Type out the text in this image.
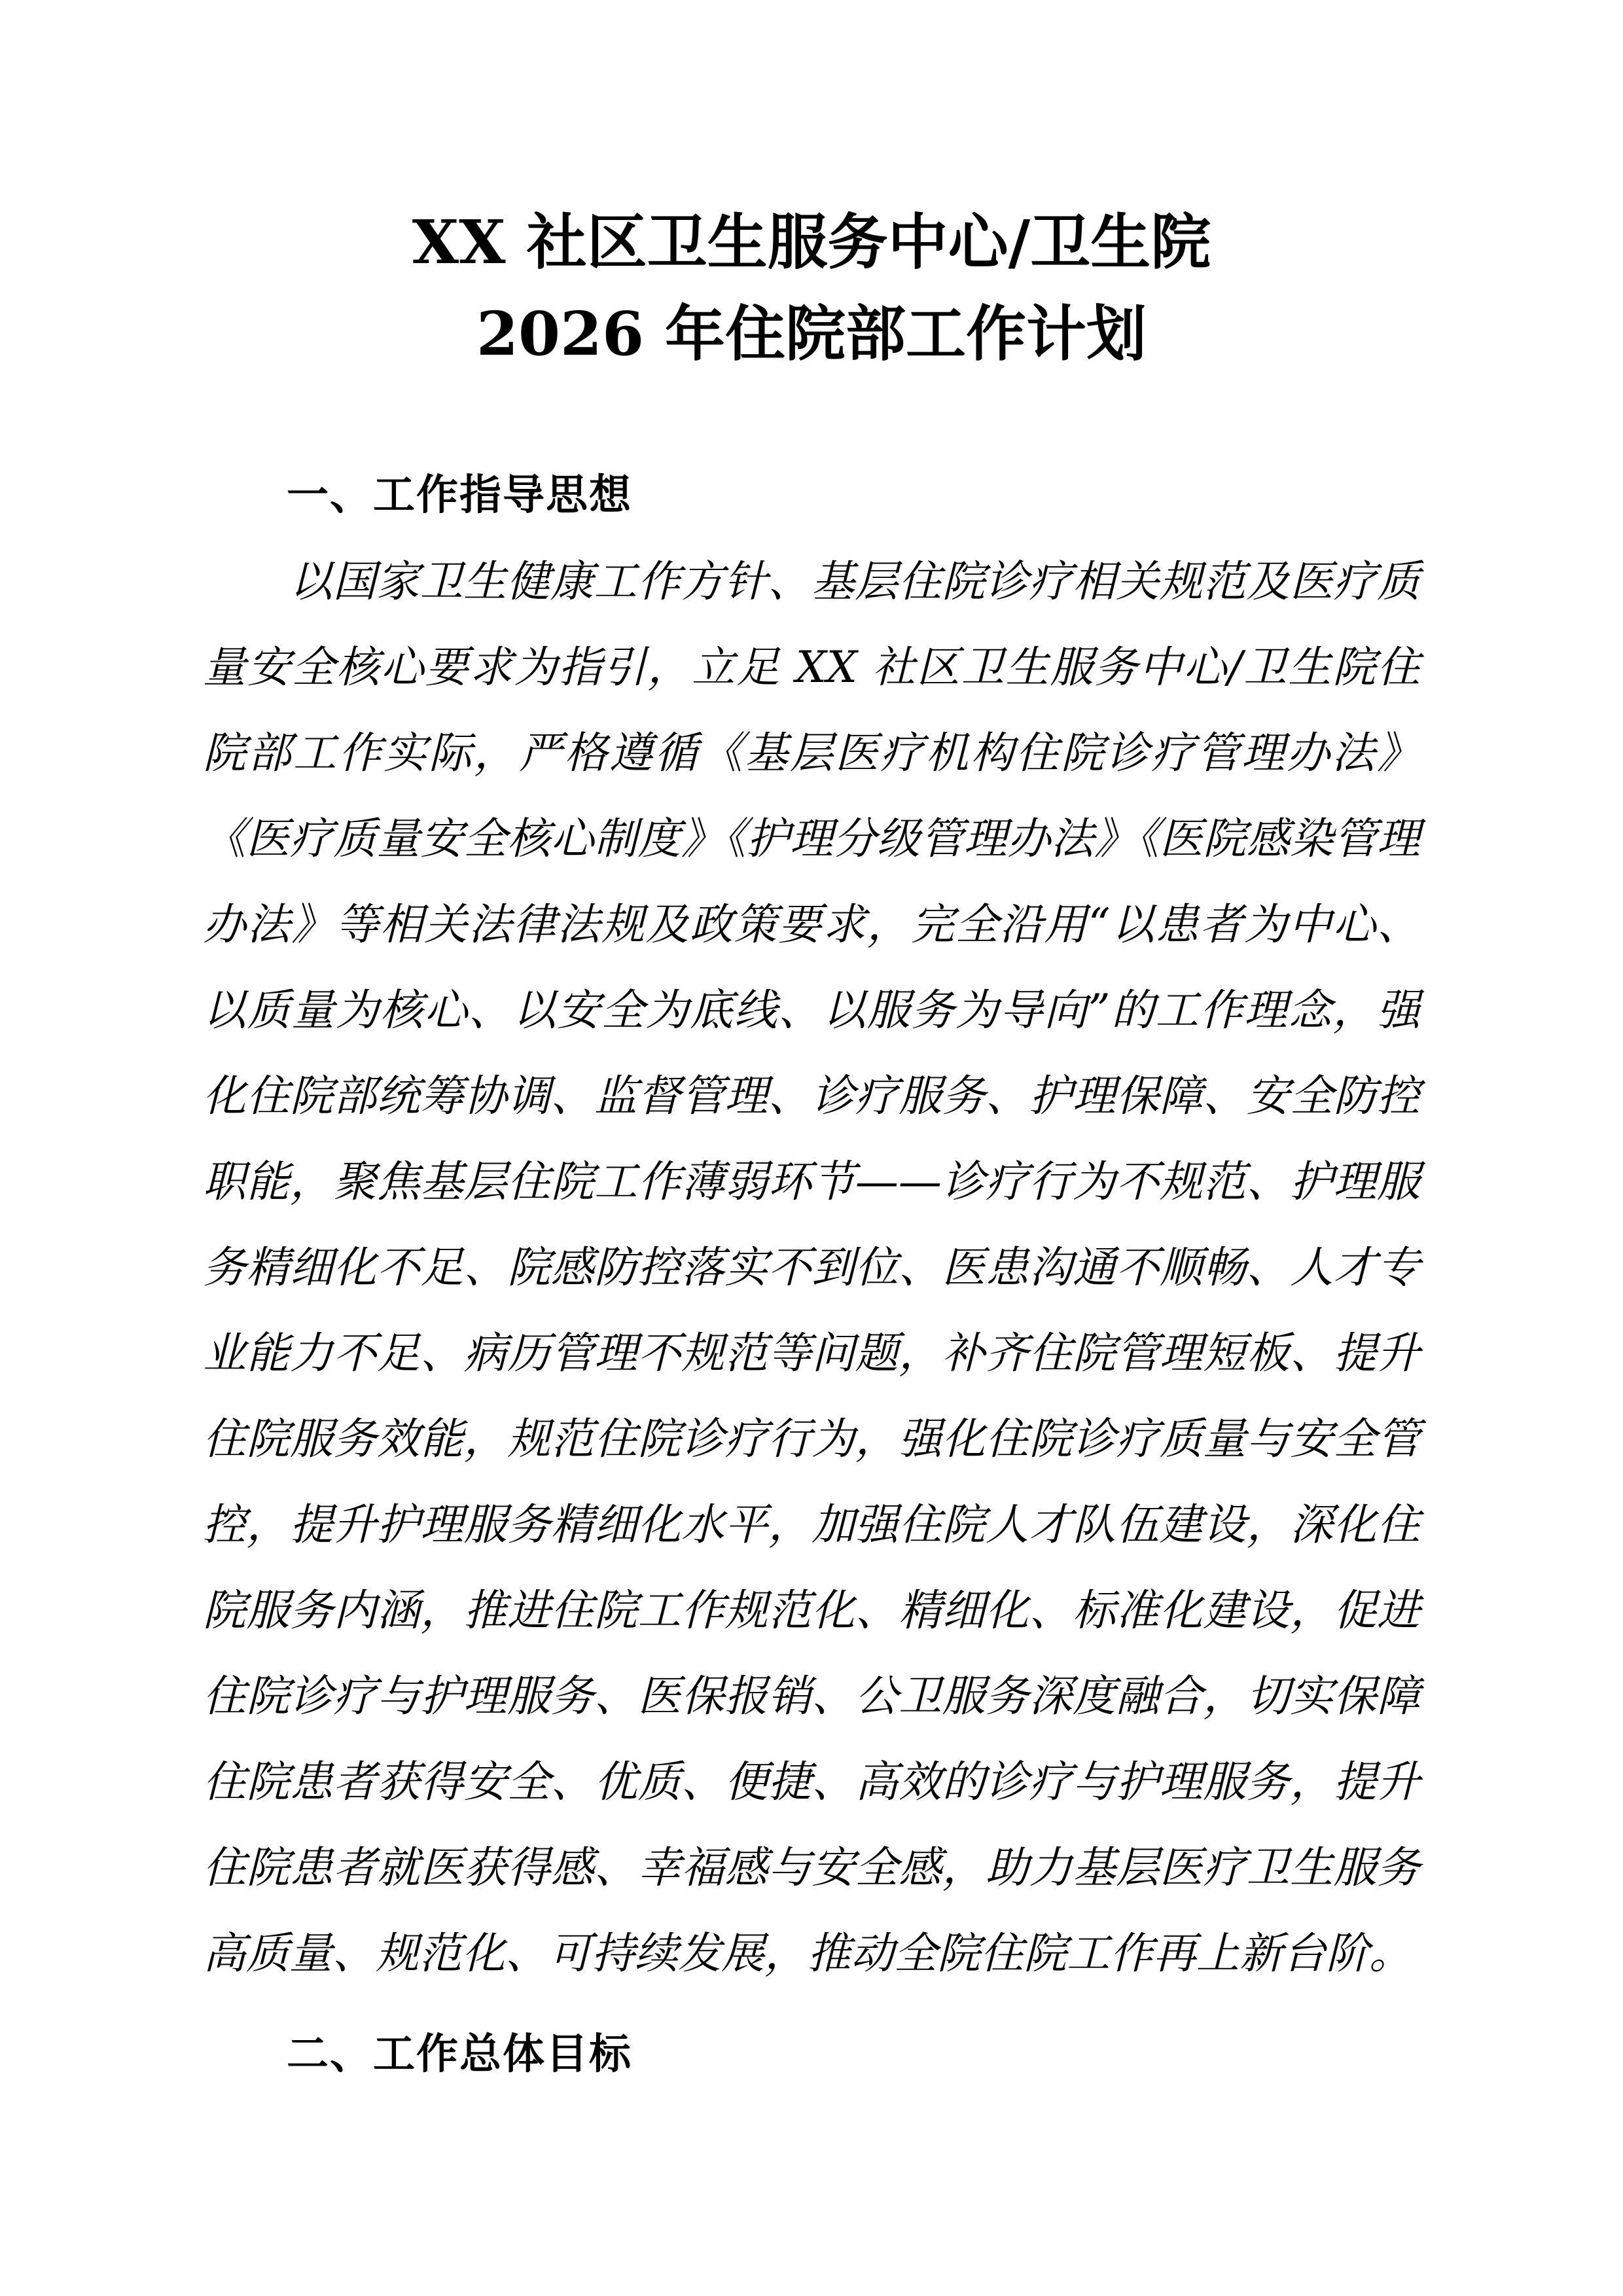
XX 社区卫生服务中心/卫生院
2026 年住院部工作计划
一、工作指导思想

以国家卫生健康工作方针、基层住院诊疗相关规范及医疗质量安全核心要求为指引，立足 XX 社区卫生服务中心/卫生院住院部工作实际，严格遵循《基层医疗机构住院诊疗管理办法》《医疗质量安全核心制度》《护理分级管理办法》《医院感染管理办法》等相关法律法规及政策要求，完全沿用“以患者为中心、以质量为核心、以安全为底线、以服务为导向”的工作理念，强化住院部统筹协调、监督管理、诊疗服务、护理保障、安全防控职能，聚焦基层住院工作薄弱环节——诊疗行为不规范、护理服务精细化不足、院感防控落实不到位、医患沟通不顺畅、人才专业能力不足、病历管理不规范等问题，补齐住院管理短板、提升住院服务效能，规范住院诊疗行为，强化住院诊疗质量与安全管控，提升护理服务精细化水平，加强住院人才队伍建设，深化住院服务内涵，推进住院工作规范化、精细化、标准化建设，促进住院诊疗与护理服务、医保报销、公卫服务深度融合，切实保障住院患者获得安全、优质、便捷、高效的诊疗与护理服务，提升住院患者就医获得感、幸福感与安全感，助力基层医疗卫生服务高质量、规范化、可持续发展，推动全院住院工作再上新台阶。

二、工作总体目标
